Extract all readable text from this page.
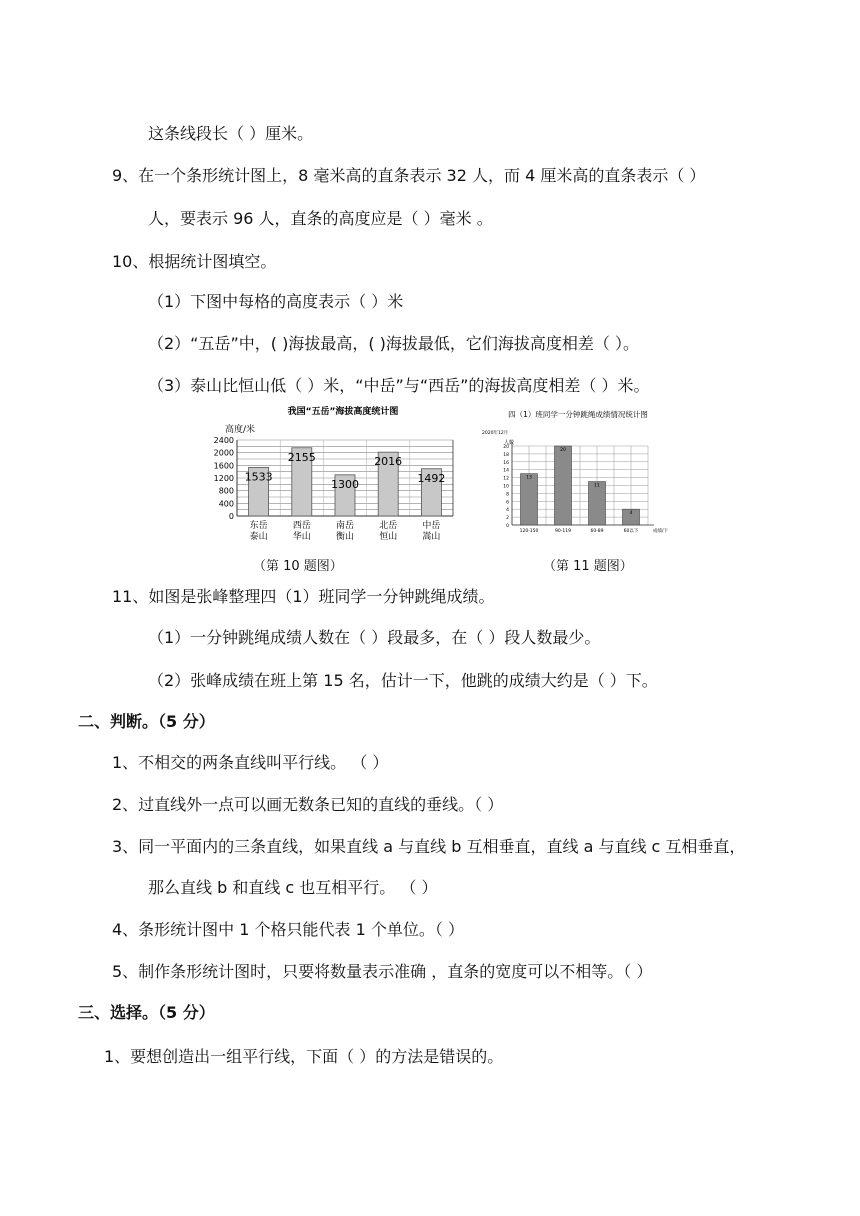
这条线段长（ ）厘米。
9、在一个条形统计图上，8 毫米高的直条表示 32 人，而 4 厘米高的直条表示（ ）
人，要表示 96 人，直条的高度应是（ ）毫米 。
10、根据统计图填空。
（1）下图中每格的高度表示（ ）米
（2）“五岳”中，( )海拔最高，( )海拔最低，它们海拔高度相差（ ）。
（3）泰山比恒山低（ ）米，“中岳”与“西岳”的海拔高度相差（ ）米。
我国“五岳”海拔高度统计图
高度/米
0
400
800
1200
1600
2000
2400
1533
东岳
泰山
2155
西岳
华山
1300
南岳
衡山
2016
北岳
恒山
1492
中岳
嵩山
（第 10 题图）
四（1）班同学一分钟跳绳成绩情况统计图
2020年12月
人数
0
2
4
6
8
10
12
14
16
18
20
13
120-150
20
90-119
11
60-89
4
60以下	成绩/下
（第 11 题图）
11、如图是张峰整理四（1）班同学一分钟跳绳成绩。
（1）一分钟跳绳成绩人数在（ ）段最多，在（ ）段人数最少。
（2）张峰成绩在班上第 15 名，估计一下，他跳的成绩大约是（ ）下。
二、判断。（5 分）
1、不相交的两条直线叫平行线。 （ ）
2、过直线外一点可以画无数条已知的直线的垂线。（ ）
3、同一平面内的三条直线，如果直线 a 与直线 b 互相垂直，直线 a 与直线 c 互相垂直，
那么直线 b 和直线 c 也互相平行。 （ ）
4、条形统计图中 1 个格只能代表 1 个单位。（ ）
5、制作条形统计图时，只要将数量表示准确 ，直条的宽度可以不相等。（ ）
三、选择。（5 分）
1、要想创造出一组平行线，下面（ ）的方法是错误的。
